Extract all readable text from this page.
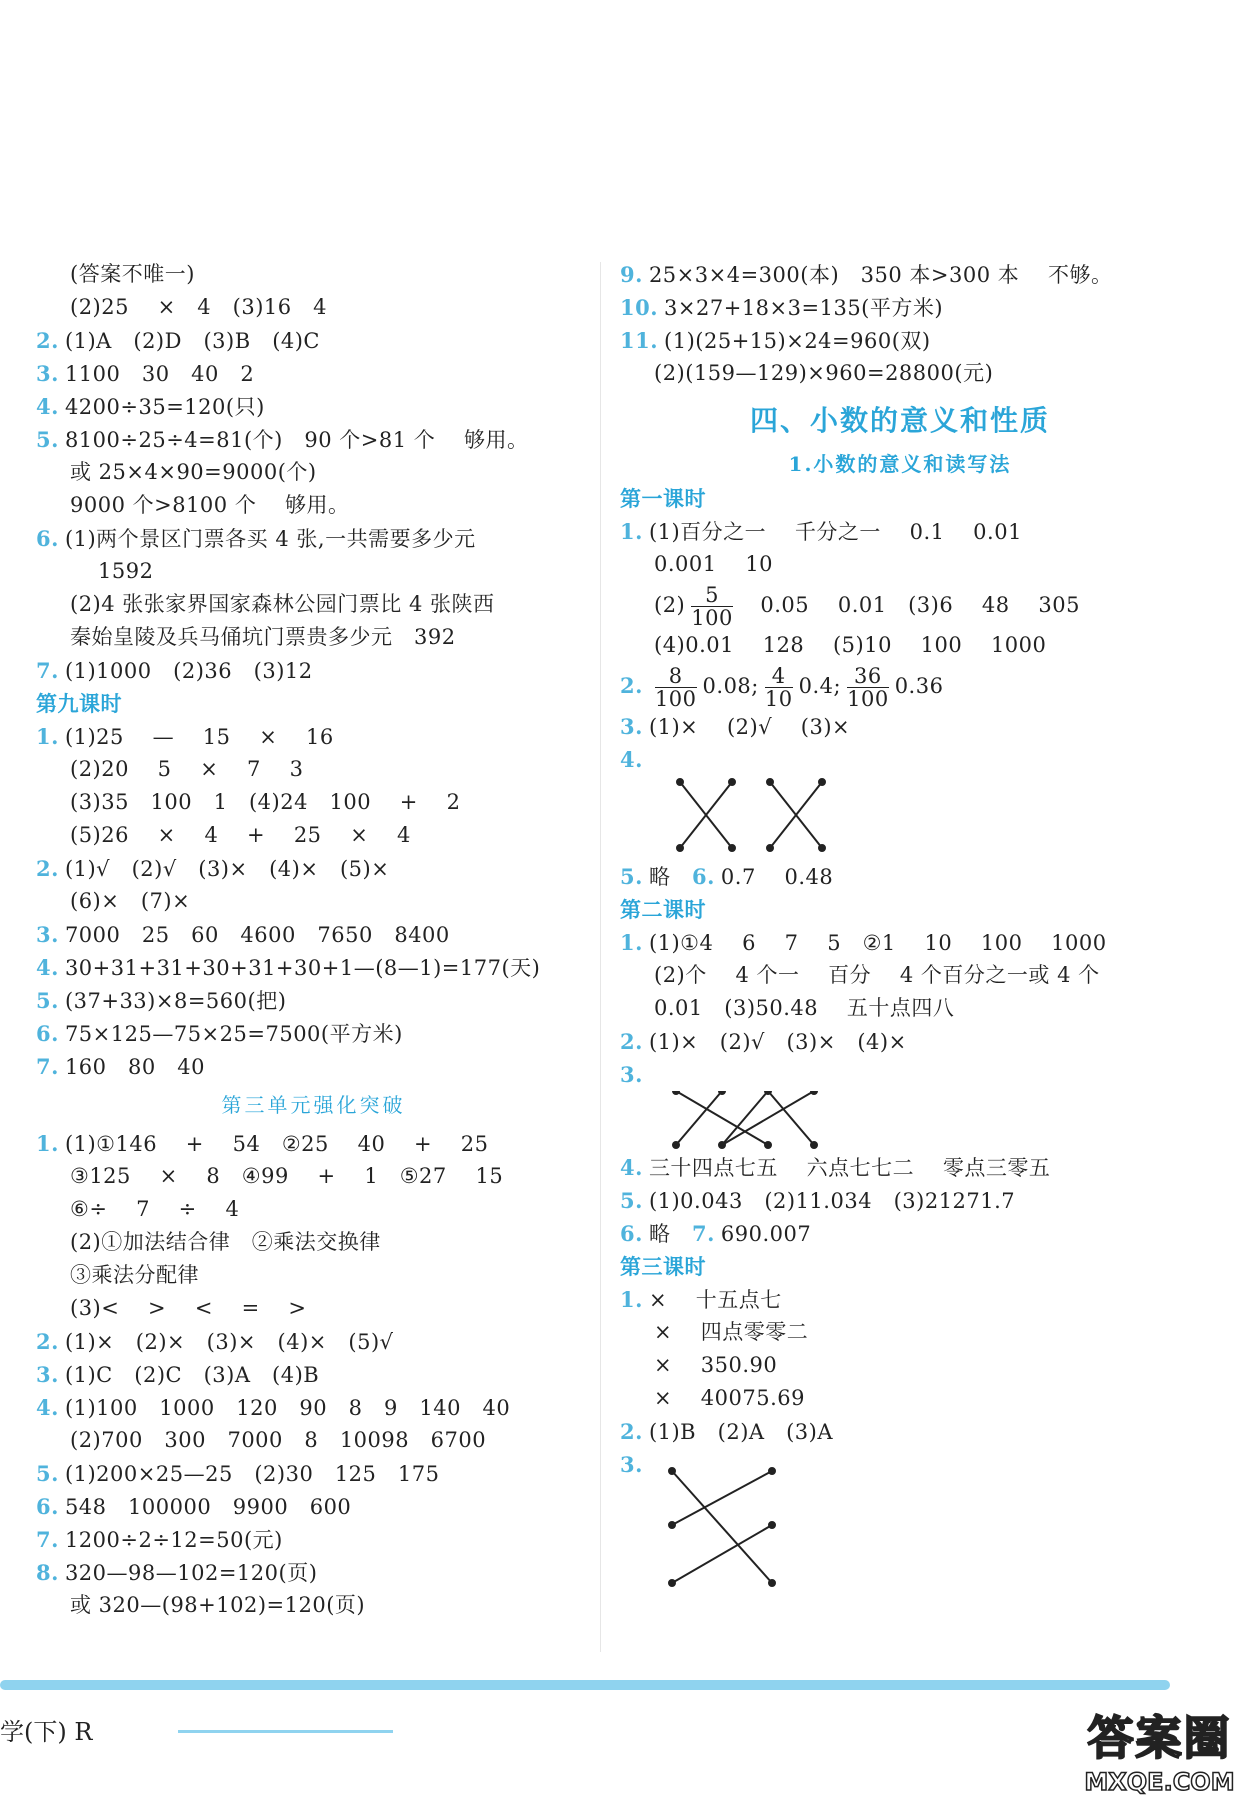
(答案不唯一)
(2)25    ×   4   (3)16   4
2. (1)A   (2)D   (3)B   (4)C
3. 1100   30   40   2
4. 4200÷35=120(只)
5. 8100÷25÷4=81(个)   90 个>81 个    够用。
或 25×4×90=9000(个)
9000 个>8100 个    够用。
6. (1)两个景区门票各买 4 张,一共需要多少元
1592
(2)4 张张家界国家森林公园门票比 4 张陕西
秦始皇陵及兵马俑坑门票贵多少元   392
7. (1)1000   (2)36   (3)12
第九课时
1. (1)25    —    15    ×    16
(2)20    5    ×    7    3
(3)35   100   1   (4)24   100    +    2
(5)26    ×    4    +    25    ×    4
2. (1)√   (2)√   (3)×   (4)×   (5)×
(6)×   (7)×
3. 7000   25   60   4600   7650   8400
4. 30+31+31+30+31+30+1—(8—1)=177(天)
5. (37+33)×8=560(把)
6. 75×125—75×25=7500(平方米)
7. 160   80   40
第三单元强化突破
1. (1)①146    +    54   ②25    40    +    25
③125    ×    8   ④99    +    1   ⑤27    15
⑥÷    7    ÷    4
(2)①加法结合律   ②乘法交换律
③乘法分配律
(3)<    >    <    =    >
2. (1)×   (2)×   (3)×   (4)×   (5)√
3. (1)C   (2)C   (3)A   (4)B
4. (1)100   1000   120   90   8   9   140   40
(2)700   300   7000   8   10098   6700
5. (1)200×25—25   (2)30   125   175
6. 548   100000   9900   600
7. 1200÷2÷12=50(元)
8. 320—98—102=120(页)
或 320—(98+102)=120(页)
9. 25×3×4=300(本)   350 本>300 本    不够。
10. 3×27+18×3=135(平方米)
11. (1)(25+15)×24=960(双)
(2)(159—129)×960=28800(元)
四、小数的意义和性质
1.小数的意义和读写法
第一课时
1. (1)百分之一    千分之一    0.1    0.01
0.001    10
$(2) \frac{5}{100} 0.05$    0.01   (3)6    48    305
(4)0.01    128    (5)10    100    1000
2. $\frac{8}{100} 0.08$; $\frac{4}{10} 0.4$; $\frac{36}{100} 0.36$
3. (1)×    (2)√    (3)×
4.
5. 略 6. 0.7    0.48
第二课时
1. (1)①4    6    7    5   ②1    10    100    1000
(2)个    4 个一    百分    4 个百分之一或 4 个
0.01   (3)50.48    五十点四八
2. (1)×   (2)√   (3)×   (4)×
3.
4. 三十四点七五    六点七七二    零点三零五
5. (1)0.043   (2)11.034   (3)21271.7
6. 略 7. 690.007
第三课时
1. ×    十五点七
×    四点零零二
×    350.90
×    40075.69
2. (1)B   (2)A   (3)A
3.
学(下) R	答案圈
MXQE.COM
